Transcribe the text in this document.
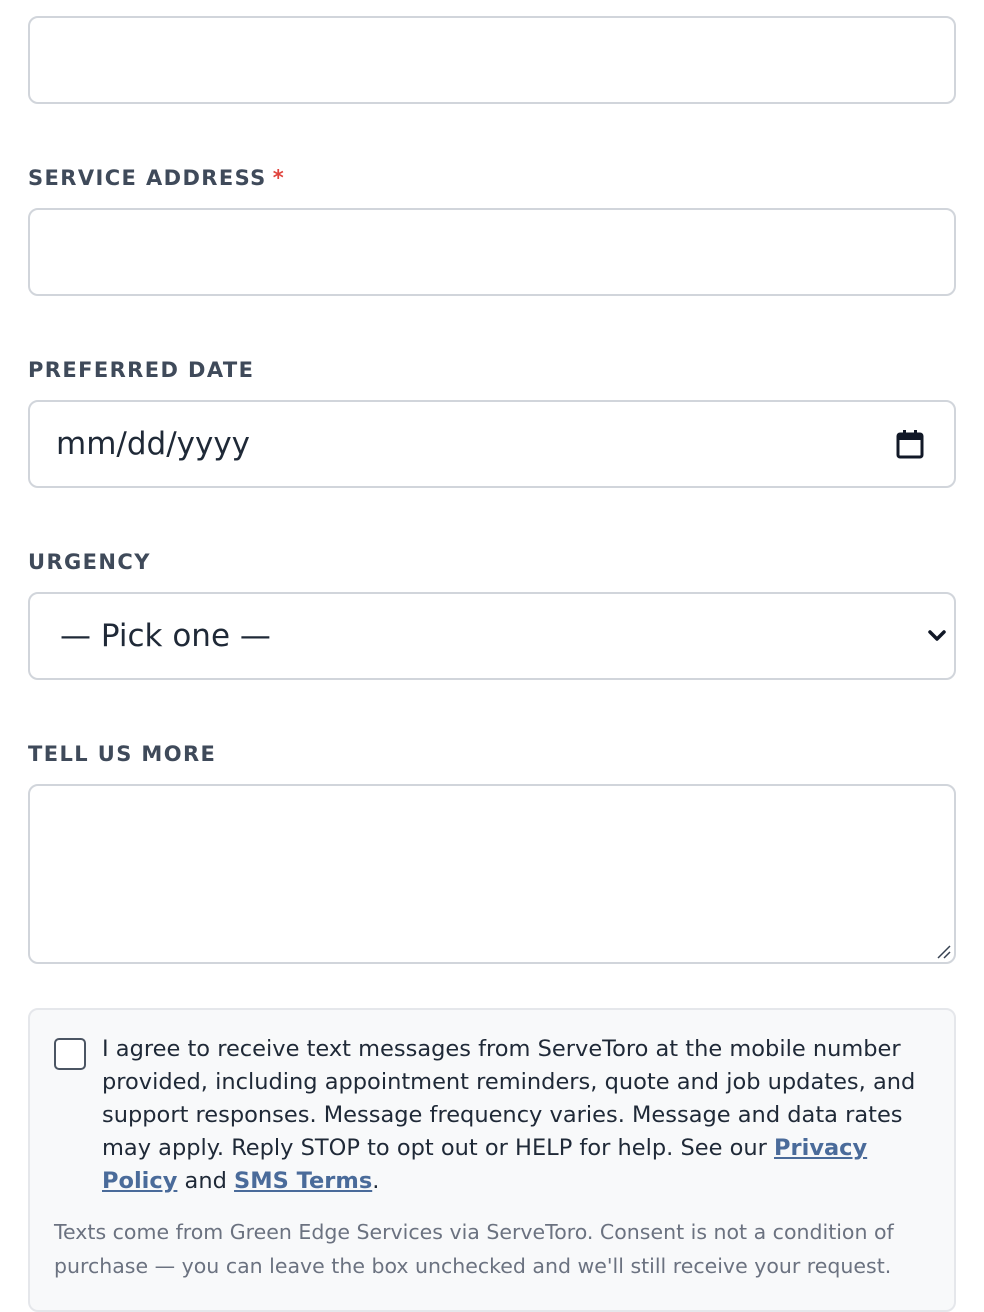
SERVICE ADDRESS *
PREFERRED DATE
mm/dd/yyyy
URGENCY
— Pick one —
TELL US MORE
I agree to receive text messages from ServeToro at the mobile number provided, including appointment reminders, quote and job updates, and support responses. Message frequency varies. Message and data rates may apply. Reply STOP to opt out or HELP for help. See our Privacy Policy and SMS Terms.
Texts come from Green Edge Services via ServeToro. Consent is not a condition of purchase — you can leave the box unchecked and we'll still receive your request.
